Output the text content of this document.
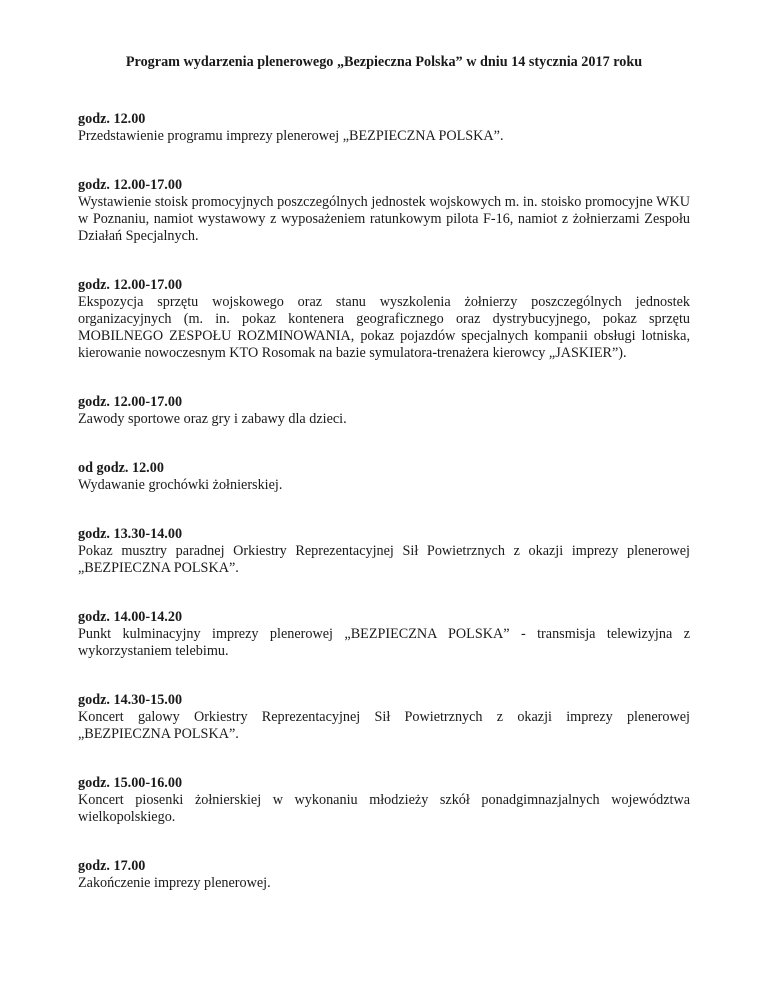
Program wydarzenia plenerowego „Bezpieczna Polska” w dniu 14 stycznia 2017 roku
godz. 12.00
Przedstawienie programu imprezy plenerowej „BEZPIECZNA POLSKA”.
godz. 12.00-17.00
Wystawienie stoisk promocyjnych poszczególnych jednostek wojskowych m. in. stoisko promocyjne WKU w Poznaniu, namiot wystawowy z wyposażeniem ratunkowym pilota F-16, namiot z żołnierzami Zespołu Działań Specjalnych.
godz. 12.00-17.00
Ekspozycja sprzętu wojskowego oraz stanu wyszkolenia żołnierzy poszczególnych jednostek organizacyjnych (m. in. pokaz kontenera geograficznego oraz dystrybucyjnego, pokaz sprzętu MOBILNEGO ZESPOŁU ROZMINOWANIA, pokaz pojazdów specjalnych kompanii obsługi lotniska, kierowanie nowoczesnym KTO Rosomak na bazie symulatora-trenażera kierowcy „JASKIER”).
godz. 12.00-17.00
Zawody sportowe oraz gry i zabawy dla dzieci.
od godz. 12.00
Wydawanie grochówki żołnierskiej.
godz. 13.30-14.00
Pokaz musztry paradnej Orkiestry Reprezentacyjnej Sił Powietrznych z okazji imprezy plenerowej „BEZPIECZNA POLSKA”.
godz. 14.00-14.20
Punkt kulminacyjny imprezy plenerowej „BEZPIECZNA POLSKA” - transmisja telewizyjna z wykorzystaniem telebimu.
godz. 14.30-15.00
Koncert galowy Orkiestry Reprezentacyjnej Sił Powietrznych z okazji imprezy plenerowej „BEZPIECZNA POLSKA”.
godz. 15.00-16.00
Koncert piosenki żołnierskiej w wykonaniu młodzieży szkół ponadgimnazjalnych województwa wielkopolskiego.
godz. 17.00
Zakończenie imprezy plenerowej.
